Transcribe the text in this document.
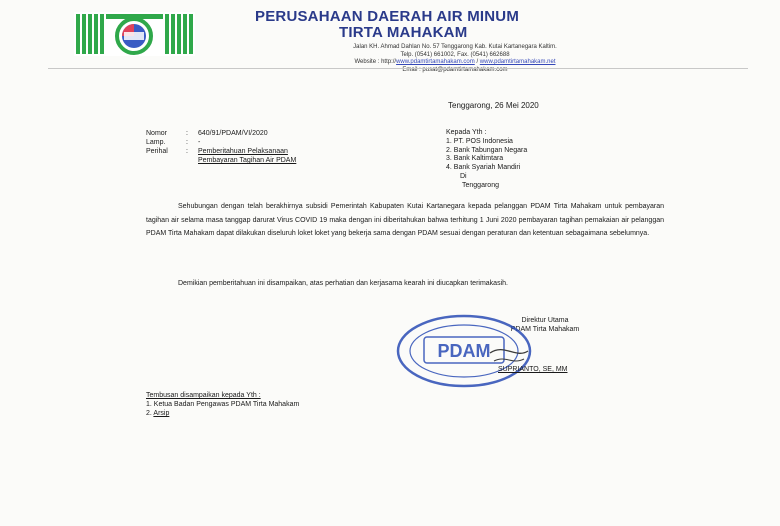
PERUSAHAAN DAERAH AIR MINUM
TIRTA MAHAKAM
Jalan KH. Ahmad Dahlan No. 57 Tenggarong Kab. Kutai Kartanegara Kaltim.
Telp. (0541) 661002, Fax. (0541) 662688
Website : http://www.pdamtirtamahakam.com / www.pdamtirtamahakam.net
Email : pusat@pdamtirtamahakam.com
Tenggarong, 26 Mei 2020
Nomor	:	640/91/PDAM/VI/2020
Lamp.	:	-
Perihal	:	Pemberitahuan Pelaksanaan
Pembayaran Tagihan Air PDAM
Kepada Yth :
1. PT. POS Indonesia
2. Bank Tabungan Negara
3. Bank Kaltimtara
4. Bank Syariah Mandiri
Di
Tenggarong

Sehubungan dengan telah berakhirnya subsidi Pemerintah Kabupaten Kutai Kartanegara kepada pelanggan PDAM Tirta Mahakam untuk pembayaran tagihan air selama masa tanggap darurat Virus COVID 19 maka dengan ini diberitahukan bahwa terhitung 1 Juni 2020 pembayaran tagihan pemakaian air pelanggan PDAM Tirta Mahakam dapat dilakukan diseluruh loket loket yang bekerja sama dengan PDAM sesuai dengan peraturan dan ketentuan sebagaimana sebelumnya.

Demikian pemberitahuan ini disampaikan, atas perhatian dan kerjasama kearah ini diucapkan terimakasih.

Direktur Utama
PDAM Tirta Mahakam
PDAM
SUPRIANTO, SE, MM
Tembusan disampaikan kepada Yth :
1. Ketua Badan Pengawas PDAM Tirta Mahakam
2. Arsip
